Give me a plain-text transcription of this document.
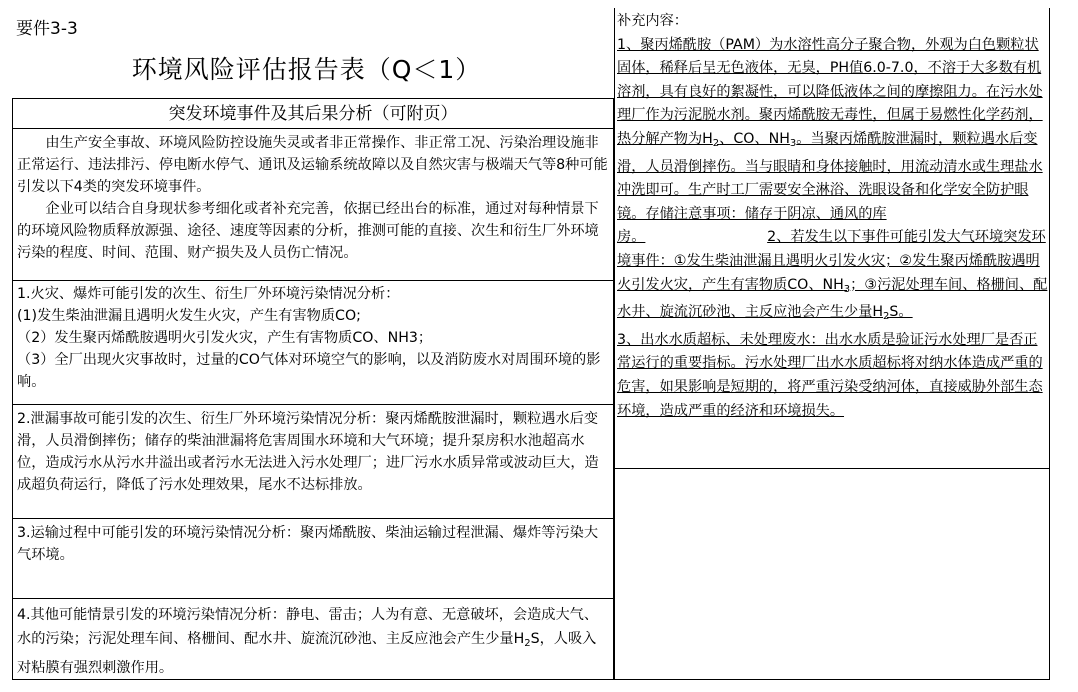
要件3-3
环境风险评估报告表（Q＜1）
突发环境事件及其后果分析（可附页）

由生产安全事故、环境风险防控设施失灵或者非正常操作、非正常工况、污染治理设施非正常运行、违法排污、停电断水停气、通讯及运输系统故障以及自然灾害与极端天气等8种可能引发以下4类的突发环境事件。

企业可以结合自身现状参考细化或者补充完善，依据已经出台的标准，通过对每种情景下的环境风险物质释放源强、途径、速度等因素的分析，推测可能的直接、次生和衍生厂外环境污染的程度、时间、范围、财产损失及人员伤亡情况。

1.火灾、爆炸可能引发的次生、衍生厂外环境污染情况分析：
(1)发生柴油泄漏且遇明火发生火灾，产生有害物质CO;
（2）发生聚丙烯酰胺遇明火引发火灾，产生有害物质CO、NH3；
（3）全厂出现火灾事故时，过量的CO气体对环境空气的影响，以及消防废水对周围环境的影响。
2.泄漏事故可能引发的次生、衍生厂外环境污染情况分析：聚丙烯酰胺泄漏时，颗粒遇水后变滑，人员滑倒摔伤；储存的柴油泄漏将危害周围水环境和大气环境；提升泵房积水池超高水位，造成污水从污水井溢出或者污水无法进入污水处理厂；进厂污水水质异常或波动巨大，造成超负荷运行，降低了污水处理效果，尾水不达标排放。
3.运输过程中可能引发的环境污染情况分析：聚丙烯酰胺、柴油运输过程泄漏、爆炸等污染大气环境。
4.其他可能情景引发的环境污染情况分析：静电、雷击；人为有意、无意破坏，会造成大气、水的污染；污泥处理车间、格栅间、配水井、旋流沉砂池、主反应池会产生少量$H_2S$，人吸入对粘膜有强烈刺激作用。
补充内容：
1、聚丙烯酰胺（PAM）为水溶性高分子聚合物，外观为白色颗粒状固体，稀释后呈无色液体，无臭，PH值6.0-7.0，不溶于大多数有机溶剂，具有良好的絮凝性，可以降低液体之间的摩擦阻力。在污水处理厂作为污泥脱水剂。聚丙烯酰胺无毒性，但属于易燃性化学药剂，热分解产物为$H_2$、CO、$NH_3$。当聚丙烯酰胺泄漏时，颗粒遇水后变滑，人员滑倒摔伤。当与眼睛和身体接触时，用流动清水或生理盐水冲洗即可。生产时工厂需要安全淋浴、洗眼设备和化学安全防护眼镜。存储注意事项：储存于阴凉、通风的库房。	2、若发生以下事件可能引发大气环境突发环境事件：①发生柴油泄漏且遇明火引发火灾；②发生聚丙烯酰胺遇明火引发火灾，产生有害物质CO、$NH_3$；③污泥处理车间、格栅间、配水井、旋流沉砂池、主反应池会产生少量$H_2S$。
3、出水水质超标、未处理废水：出水水质是验证污水处理厂是否正常运行的重要指标。污水处理厂出水水质超标将对纳水体造成严重的危害，如果影响是短期的，将严重污染受纳河体，直接威胁外部生态环境，造成严重的经济和环境损失。
